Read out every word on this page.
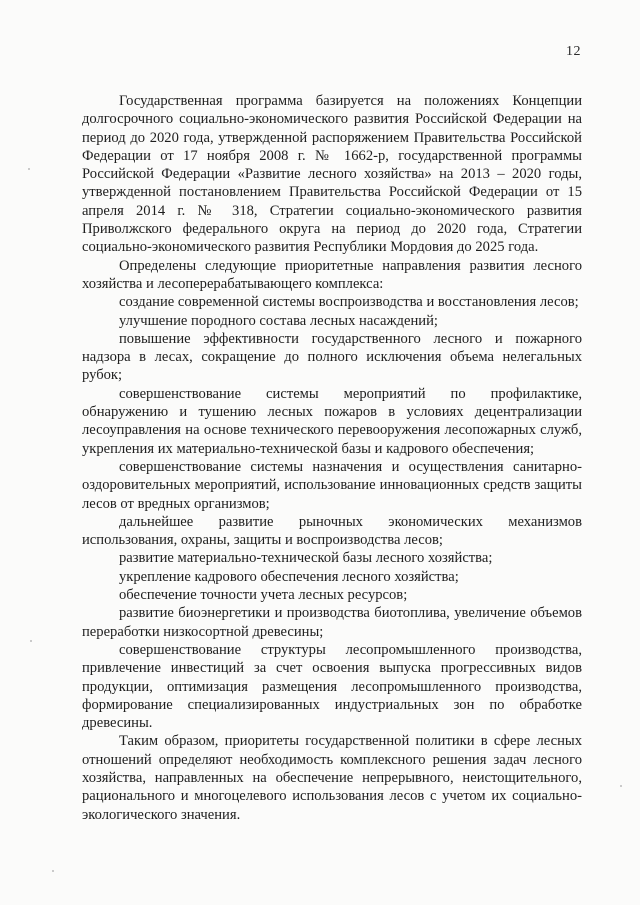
12

Государственная программа базируется на положениях Концепции долгосрочного социально-экономического развития Российской Федерации на период до 2020 года, утвержденной распоряжением Правительства Российской Федерации от 17 ноября 2008 г. № 1662-р, государственной программы Российской Федерации «Развитие лесного хозяйства» на 2013 – 2020 годы, утвержденной постановлением Правительства Российской Федерации от 15 апреля 2014 г. № 318, Стратегии социально-экономического развития Приволжского федерального округа на период до 2020 года, Стратегии социально-экономического развития Республики Мордовия до 2025 года.

Определены следующие приоритетные направления развития лесного хозяйства и лесоперерабатывающего комплекса:

создание современной системы воспроизводства и восстановления лесов;

улучшение породного состава лесных насаждений;

повышение эффективности государственного лесного и пожарного надзора в лесах, сокращение до полного исключения объема нелегальных рубок;

совершенствование системы мероприятий по профилактике, обнаружению и тушению лесных пожаров в условиях децентрализации лесоуправления на основе технического перевооружения лесопожарных служб, укрепления их материально-технической базы и кадрового обеспечения;

совершенствование системы назначения и осуществления санитарно-оздоровительных мероприятий, использование инновационных средств защиты лесов от вредных организмов;

дальнейшее развитие рыночных экономических механизмов использования, охраны, защиты и воспроизводства лесов;

развитие материально-технической базы лесного хозяйства;

укрепление кадрового обеспечения лесного хозяйства;

обеспечение точности учета лесных ресурсов;

развитие биоэнергетики и производства биотоплива, увеличение объемов переработки низкосортной древесины;

совершенствование структуры лесопромышленного производства, привлечение инвестиций за счет освоения выпуска прогрессивных видов продукции, оптимизация размещения лесопромышленного производства, формирование специализированных индустриальных зон по обработке древесины.

Таким образом, приоритеты государственной политики в сфере лесных отношений определяют необходимость комплексного решения задач лесного хозяйства, направленных на обеспечение непрерывного, неистощительного, рационального и многоцелевого использования лесов с учетом их социально-экологического значения.
